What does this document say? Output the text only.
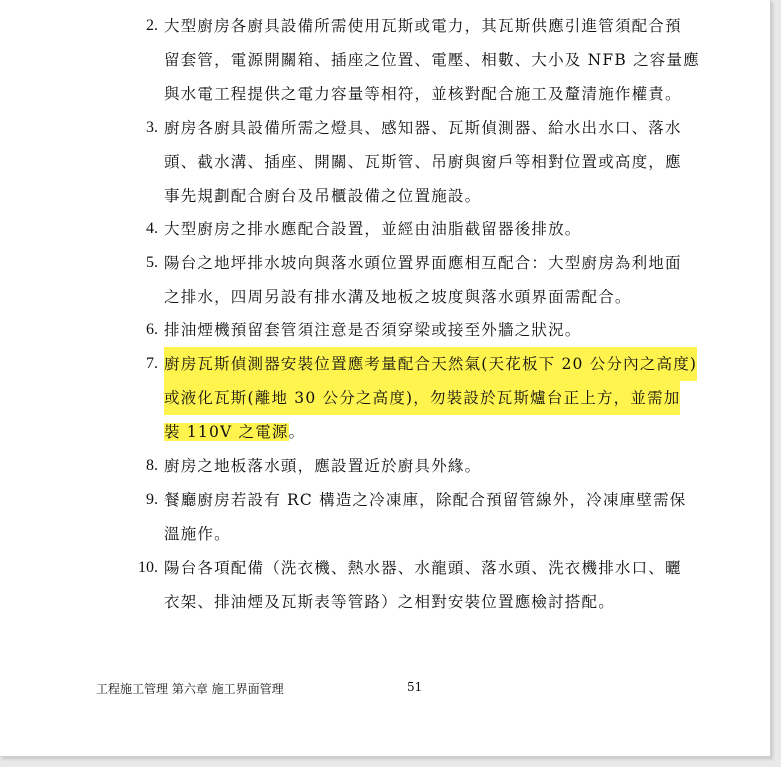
2. 大型廚房各廚具設備所需使用瓦斯或電力，其瓦斯供應引進管須配合預
留套管，電源開關箱、插座之位置、電壓、相數、大小及 NFB 之容量應
與水電工程提供之電力容量等相符，並核對配合施工及釐清施作權責。
3. 廚房各廚具設備所需之燈具、感知器、瓦斯偵測器、給水出水口、落水
頭、截水溝、插座、開關、瓦斯管、吊廚與窗戶等相對位置或高度，應
事先規劃配合廚台及吊櫃設備之位置施設。
4. 大型廚房之排水應配合設置，並經由油脂截留器後排放。
5. 陽台之地坪排水坡向與落水頭位置界面應相互配合：大型廚房為利地面
之排水，四周另設有排水溝及地板之坡度與落水頭界面需配合。
6. 排油煙機預留套管須注意是否須穿梁或接至外牆之狀況。
7. 廚房瓦斯偵測器安裝位置應考量配合天然氣(天花板下 20 公分內之高度)
或液化瓦斯(離地 30 公分之高度)，勿裝設於瓦斯爐台正上方，並需加
裝 110V 之電源。
8. 廚房之地板落水頭，應設置近於廚具外緣。
9. 餐廳廚房若設有 RC 構造之冷凍庫，除配合預留管線外，冷凍庫壁需保
溫施作。
10. 陽台各項配備（洗衣機、熱水器、水龍頭、落水頭、洗衣機排水口、曬
衣架、排油煙及瓦斯表等管路）之相對安裝位置應檢討搭配。
工程施工管理 第六章 施工界面管理	51
